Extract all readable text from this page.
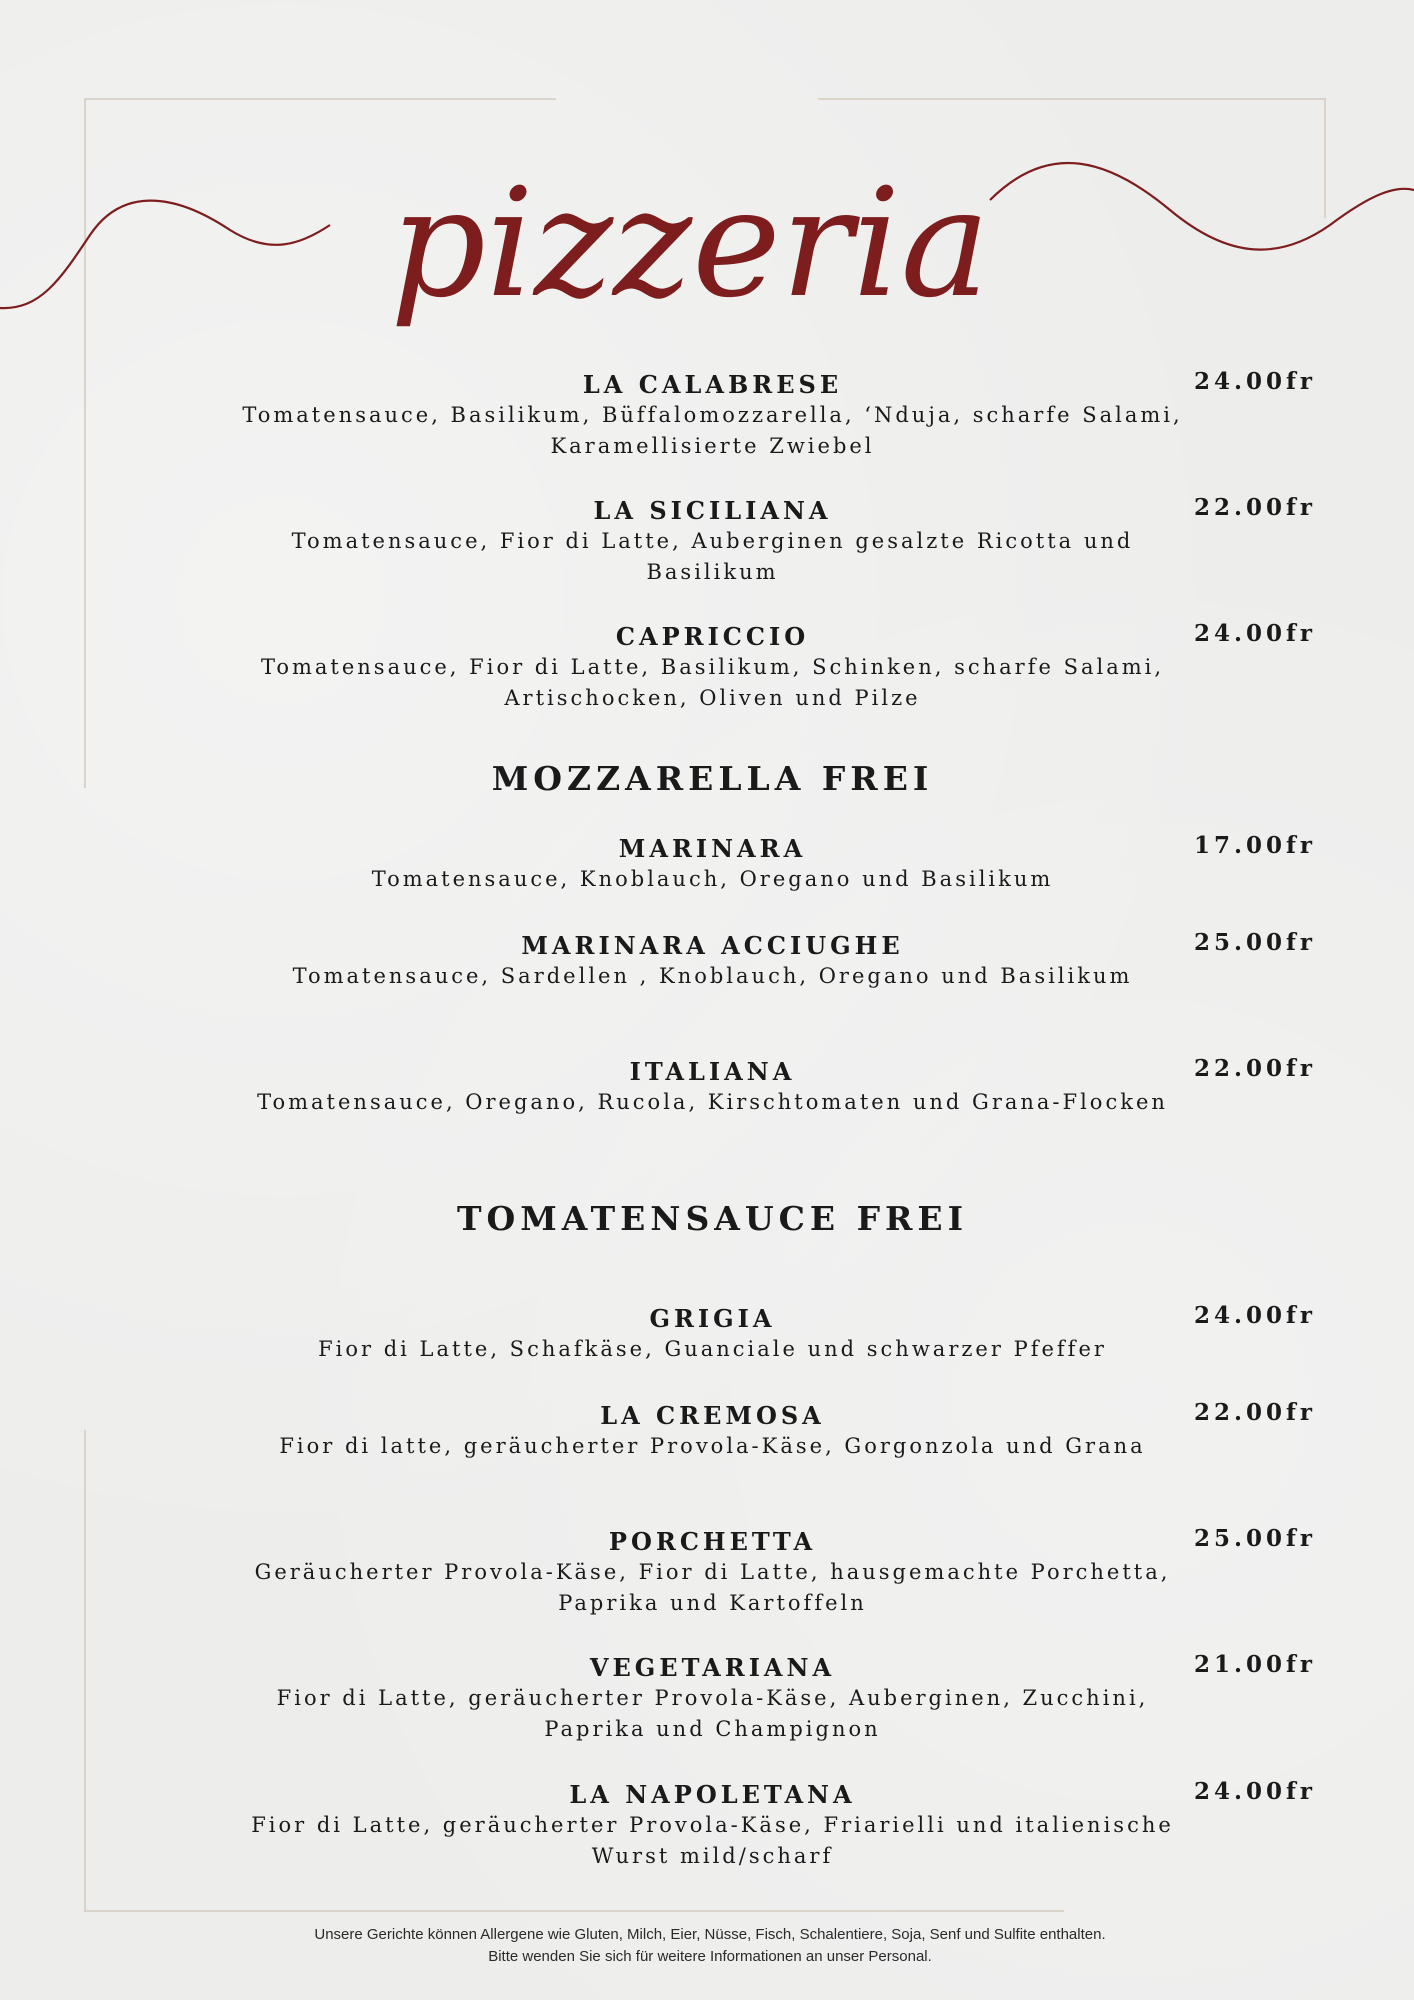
pizzeria
LA CALABRESE
Tomatensauce, Basilikum, Büffalomozzarella, ‘Nduja, scharfe Salami, Karamellisierte Zwiebel
24.00fr
LA SICILIANA
Tomatensauce, Fior di Latte, Auberginen gesalzte Ricotta und Basilikum
22.00fr
CAPRICCIO
Tomatensauce, Fior di Latte, Basilikum, Schinken, scharfe Salami, Artischocken, Oliven und Pilze
24.00fr
MOZZARELLA FREI
MARINARA
Tomatensauce, Knoblauch, Oregano und Basilikum
17.00fr
MARINARA ACCIUGHE
Tomatensauce, Sardellen , Knoblauch, Oregano und Basilikum
25.00fr
ITALIANA
Tomatensauce, Oregano, Rucola, Kirschtomaten und Grana-Flocken
22.00fr
TOMATENSAUCE FREI
GRIGIA
Fior di Latte, Schafkäse, Guanciale und schwarzer Pfeffer
24.00fr
LA CREMOSA
Fior di latte, geräucherter Provola-Käse, Gorgonzola und Grana
22.00fr
PORCHETTA
Geräucherter Provola-Käse, Fior di Latte, hausgemachte Porchetta, Paprika und Kartoffeln
25.00fr
VEGETARIANA
Fior di Latte, geräucherter Provola-Käse, Auberginen, Zucchini, Paprika und Champignon
21.00fr
LA NAPOLETANA
Fior di Latte, geräucherter Provola-Käse, Friarielli und italienische Wurst mild/scharf
24.00fr
Unsere Gerichte können Allergene wie Gluten, Milch, Eier, Nüsse, Fisch, Schalentiere, Soja, Senf und Sulfite enthalten.
Bitte wenden Sie sich für weitere Informationen an unser Personal.
